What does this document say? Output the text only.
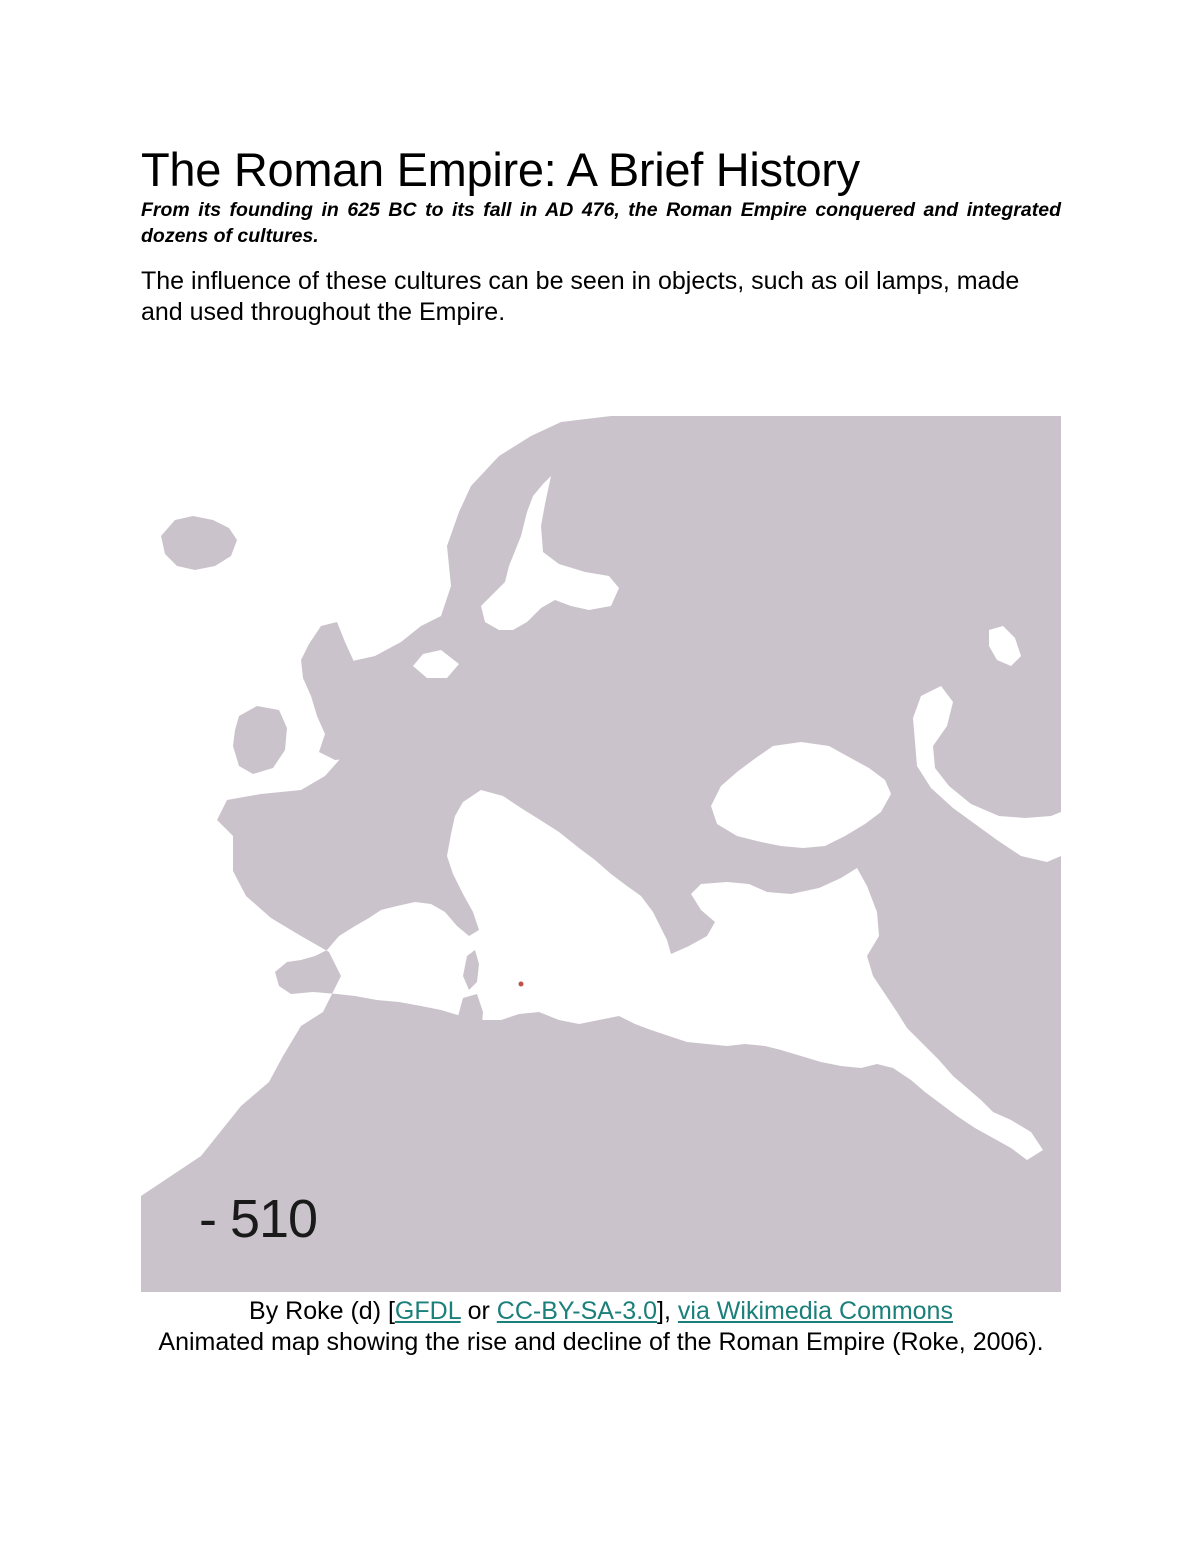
The Roman Empire: A Brief History

From its founding in 625 BC to its fall in AD 476, the Roman Empire conquered and integrated dozens of cultures.

The influence of these cultures can be seen in objects, such as oil lamps, made and used throughout the Empire.

- 510

By Roke (d) [GFDL or CC-BY-SA-3.0], via Wikimedia Commons

Animated map showing the rise and decline of the Roman Empire (Roke, 2006).
